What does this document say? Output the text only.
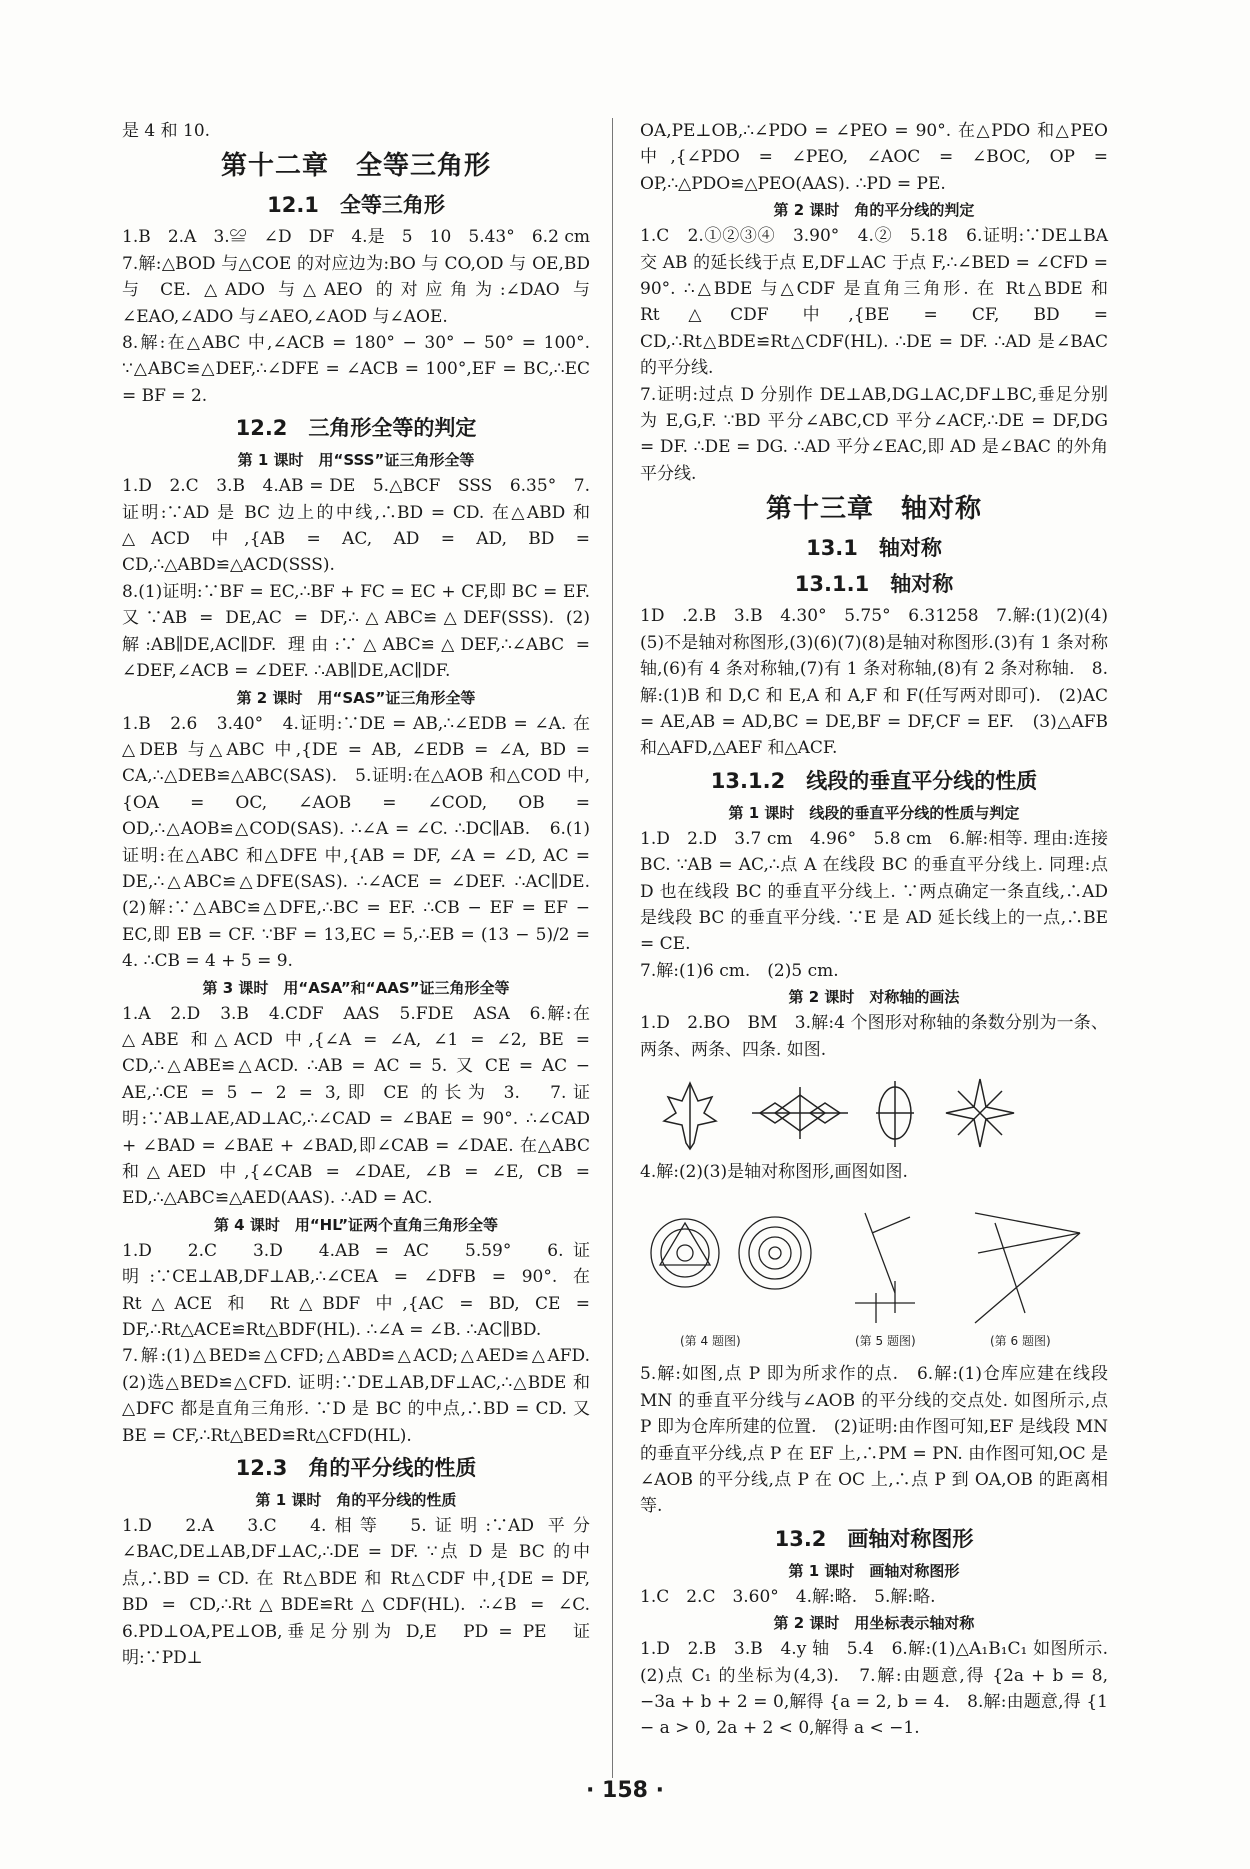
是 4 和 10.
第十二章　全等三角形
12.1　全等三角形
1.B　2.A　3.≌　∠D　DF　4.是　5　10　5.43°　6.2 cm　7.解:△BOD 与△COE 的对应边为:BO 与 CO,OD 与 OE,BD 与 CE. △ADO 与△AEO 的对应角为:∠DAO 与∠EAO,∠ADO 与∠AEO,∠AOD 与∠AOE.
8.解:在△ABC 中,∠ACB = 180° − 30° − 50° = 100°. ∵△ABC≌△DEF,∴∠DFE = ∠ACB = 100°,EF = BC,∴EC = BF = 2.
12.2　三角形全等的判定
第 1 课时　用“SSS”证三角形全等
1.D　2.C　3.B　4.AB = DE　5.△BCF　SSS　6.35°　7.证明:∵AD 是 BC 边上的中线,∴BD = CD. 在△ABD 和△ACD 中,{AB = AC, AD = AD, BD = CD,∴△ABD≌△ACD(SSS).
8.(1)证明:∵BF = EC,∴BF + FC = EC + CF,即 BC = EF. 又∵AB = DE,AC = DF,∴△ABC≌△DEF(SSS). (2)解:AB∥DE,AC∥DF. 理由:∵△ABC≌△DEF,∴∠ABC = ∠DEF,∠ACB = ∠DEF. ∴AB∥DE,AC∥DF.
第 2 课时　用“SAS”证三角形全等
1.B　2.6　3.40°　4.证明:∵DE = AB,∴∠EDB = ∠A. 在△DEB 与△ABC 中,{DE = AB, ∠EDB = ∠A, BD = CA,∴△DEB≌△ABC(SAS).　5.证明:在△AOB 和△COD 中,{OA = OC, ∠AOB = ∠COD, OB = OD,∴△AOB≌△COD(SAS). ∴∠A = ∠C. ∴DC∥AB.　6.(1)证明:在△ABC 和△DFE 中,{AB = DF, ∠A = ∠D, AC = DE,∴△ABC≌△DFE(SAS). ∴∠ACE = ∠DEF. ∴AC∥DE.　(2)解:∵△ABC≌△DFE,∴BC = EF. ∴CB − EF = EF − EC,即 EB = CF. ∵BF = 13,EC = 5,∴EB = (13 − 5)/2 = 4. ∴CB = 4 + 5 = 9.
第 3 课时　用“ASA”和“AAS”证三角形全等
1.A　2.D　3.B　4.CDF　AAS　5.FDE　ASA　6.解:在△ABE 和△ACD 中,{∠A = ∠A, ∠1 = ∠2, BE = CD,∴△ABE≌△ACD. ∴AB = AC = 5. 又 CE = AC − AE,∴CE = 5 − 2 = 3,即 CE 的长为 3.　7.证明:∵AB⊥AE,AD⊥AC,∴∠CAD = ∠BAE = 90°. ∴∠CAD + ∠BAD = ∠BAE + ∠BAD,即∠CAB = ∠DAE. 在△ABC 和△AED 中,{∠CAB = ∠DAE, ∠B = ∠E, CB = ED,∴△ABC≌△AED(AAS). ∴AD = AC.
第 4 课时　用“HL”证两个直角三角形全等
1.D　2.C　3.D　4.AB = AC　5.59°　6.证明:∵CE⊥AB,DF⊥AB,∴∠CEA = ∠DFB = 90°. 在 Rt△ACE 和 Rt△BDF 中,{AC = BD, CE = DF,∴Rt△ACE≌Rt△BDF(HL). ∴∠A = ∠B. ∴AC∥BD.
7.解:(1)△BED≌△CFD;△ABD≌△ACD;△AED≌△AFD.　(2)选△BED≌△CFD. 证明:∵DE⊥AB,DF⊥AC,∴△BDE 和△DFC 都是直角三角形. ∵D 是 BC 的中点,∴BD = CD. 又 BE = CF,∴Rt△BED≌Rt△CFD(HL).
12.3　角的平分线的性质
第 1 课时　角的平分线的性质
1.D　2.A　3.C　4.相等　5.证明:∵AD 平分∠BAC,DE⊥AB,DF⊥AC,∴DE = DF. ∵点 D 是 BC 的中点,∴BD = CD. 在 Rt△BDE 和 Rt△CDF 中,{DE = DF, BD = CD,∴Rt△BDE≌Rt△CDF(HL). ∴∠B = ∠C.　6.PD⊥OA,PE⊥OB,垂足分别为 D,E　PD = PE　证明:∵PD⊥
OA,PE⊥OB,∴∠PDO = ∠PEO = 90°. 在△PDO 和△PEO 中,{∠PDO = ∠PEO, ∠AOC = ∠BOC, OP = OP,∴△PDO≌△PEO(AAS). ∴PD = PE.
第 2 课时　角的平分线的判定
1.C　2.①②③④　3.90°　4.②　5.18　6.证明:∵DE⊥BA 交 AB 的延长线于点 E,DF⊥AC 于点 F,∴∠BED = ∠CFD = 90°. ∴△BDE 与△CDF 是直角三角形. 在 Rt△BDE 和 Rt△CDF 中,{BE = CF, BD = CD,∴Rt△BDE≌Rt△CDF(HL). ∴DE = DF. ∴AD 是∠BAC 的平分线.
7.证明:过点 D 分别作 DE⊥AB,DG⊥AC,DF⊥BC,垂足分别为 E,G,F. ∵BD 平分∠ABC,CD 平分∠ACF,∴DE = DF,DG = DF. ∴DE = DG. ∴AD 平分∠EAC,即 AD 是∠BAC 的外角平分线.
第十三章　轴对称
13.1　轴对称
13.1.1　轴对称
1D　.2.B　3.B　4.30°　5.75°　6.31258　7.解:(1)(2)(4)(5)不是轴对称图形,(3)(6)(7)(8)是轴对称图形.(3)有 1 条对称轴,(6)有 4 条对称轴,(7)有 1 条对称轴,(8)有 2 条对称轴.　8.解:(1)B 和 D,C 和 E,A 和 A,F 和 F(任写两对即可).　(2)AC = AE,AB = AD,BC = DE,BF = DF,CF = EF.　(3)△AFB 和△AFD,△AEF 和△ACF.
13.1.2　线段的垂直平分线的性质
第 1 课时　线段的垂直平分线的性质与判定
1.D　2.D　3.7 cm　4.96°　5.8 cm　6.解:相等. 理由:连接 BC. ∵AB = AC,∴点 A 在线段 BC 的垂直平分线上. 同理:点 D 也在线段 BC 的垂直平分线上. ∵两点确定一条直线,∴AD 是线段 BC 的垂直平分线. ∵E 是 AD 延长线上的一点,∴BE = CE.
7.解:(1)6 cm.　(2)5 cm.
第 2 课时　对称轴的画法
1.D　2.BO　BM　3.解:4 个图形对称轴的条数分别为一条、两条、两条、四条. 如图.
4.解:(2)(3)是轴对称图形,画图如图.
(第 4 题图)	(第 5 题图)	(第 6 题图)
5.解:如图,点 P 即为所求作的点.　6.解:(1)仓库应建在线段 MN 的垂直平分线与∠AOB 的平分线的交点处. 如图所示,点 P 即为仓库所建的位置.　(2)证明:由作图可知,EF 是线段 MN 的垂直平分线,点 P 在 EF 上,∴PM = PN. 由作图可知,OC 是∠AOB 的平分线,点 P 在 OC 上,∴点 P 到 OA,OB 的距离相等.
13.2　画轴对称图形
第 1 课时　画轴对称图形
1.C　2.C　3.60°　4.解:略.　5.解:略.
第 2 课时　用坐标表示轴对称
1.D　2.B　3.B　4.y 轴　5.4　6.解:(1)△A₁B₁C₁ 如图所示. (2)点 C₁ 的坐标为(4,3).　7.解:由题意,得 {2a + b = 8, −3a + b + 2 = 0,解得 {a = 2, b = 4.　8.解:由题意,得 {1 − a > 0, 2a + 2 < 0,解得 a < −1.
· 158 ·
